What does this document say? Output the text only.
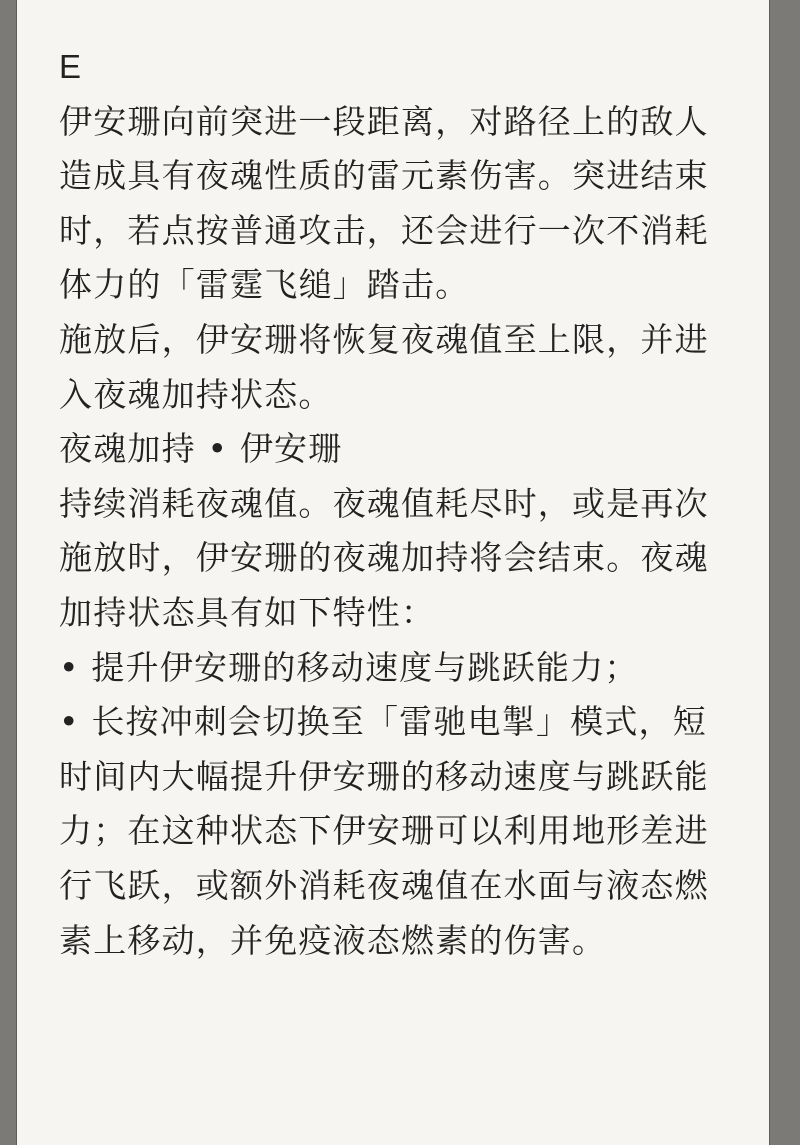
E

伊安珊向前突进一段距离，对路径上的敌人

造成具有夜魂性质的雷元素伤害。突进结束

时，若点按普通攻击，还会进行一次不消耗

体力的「雷霆飞缒」踏击。

施放后，伊安珊将恢复夜魂值至上限，并进

入夜魂加持状态。

夜魂加持 • 伊安珊

持续消耗夜魂值。夜魂值耗尽时，或是再次

施放时，伊安珊的夜魂加持将会结束。夜魂

加持状态具有如下特性：

• 提升伊安珊的移动速度与跳跃能力；

• 长按冲刺会切换至「雷驰电掣」模式，短

时间内大幅提升伊安珊的移动速度与跳跃能

力；在这种状态下伊安珊可以利用地形差进

行飞跃，或额外消耗夜魂值在水面与液态燃

素上移动，并免疫液态燃素的伤害。
